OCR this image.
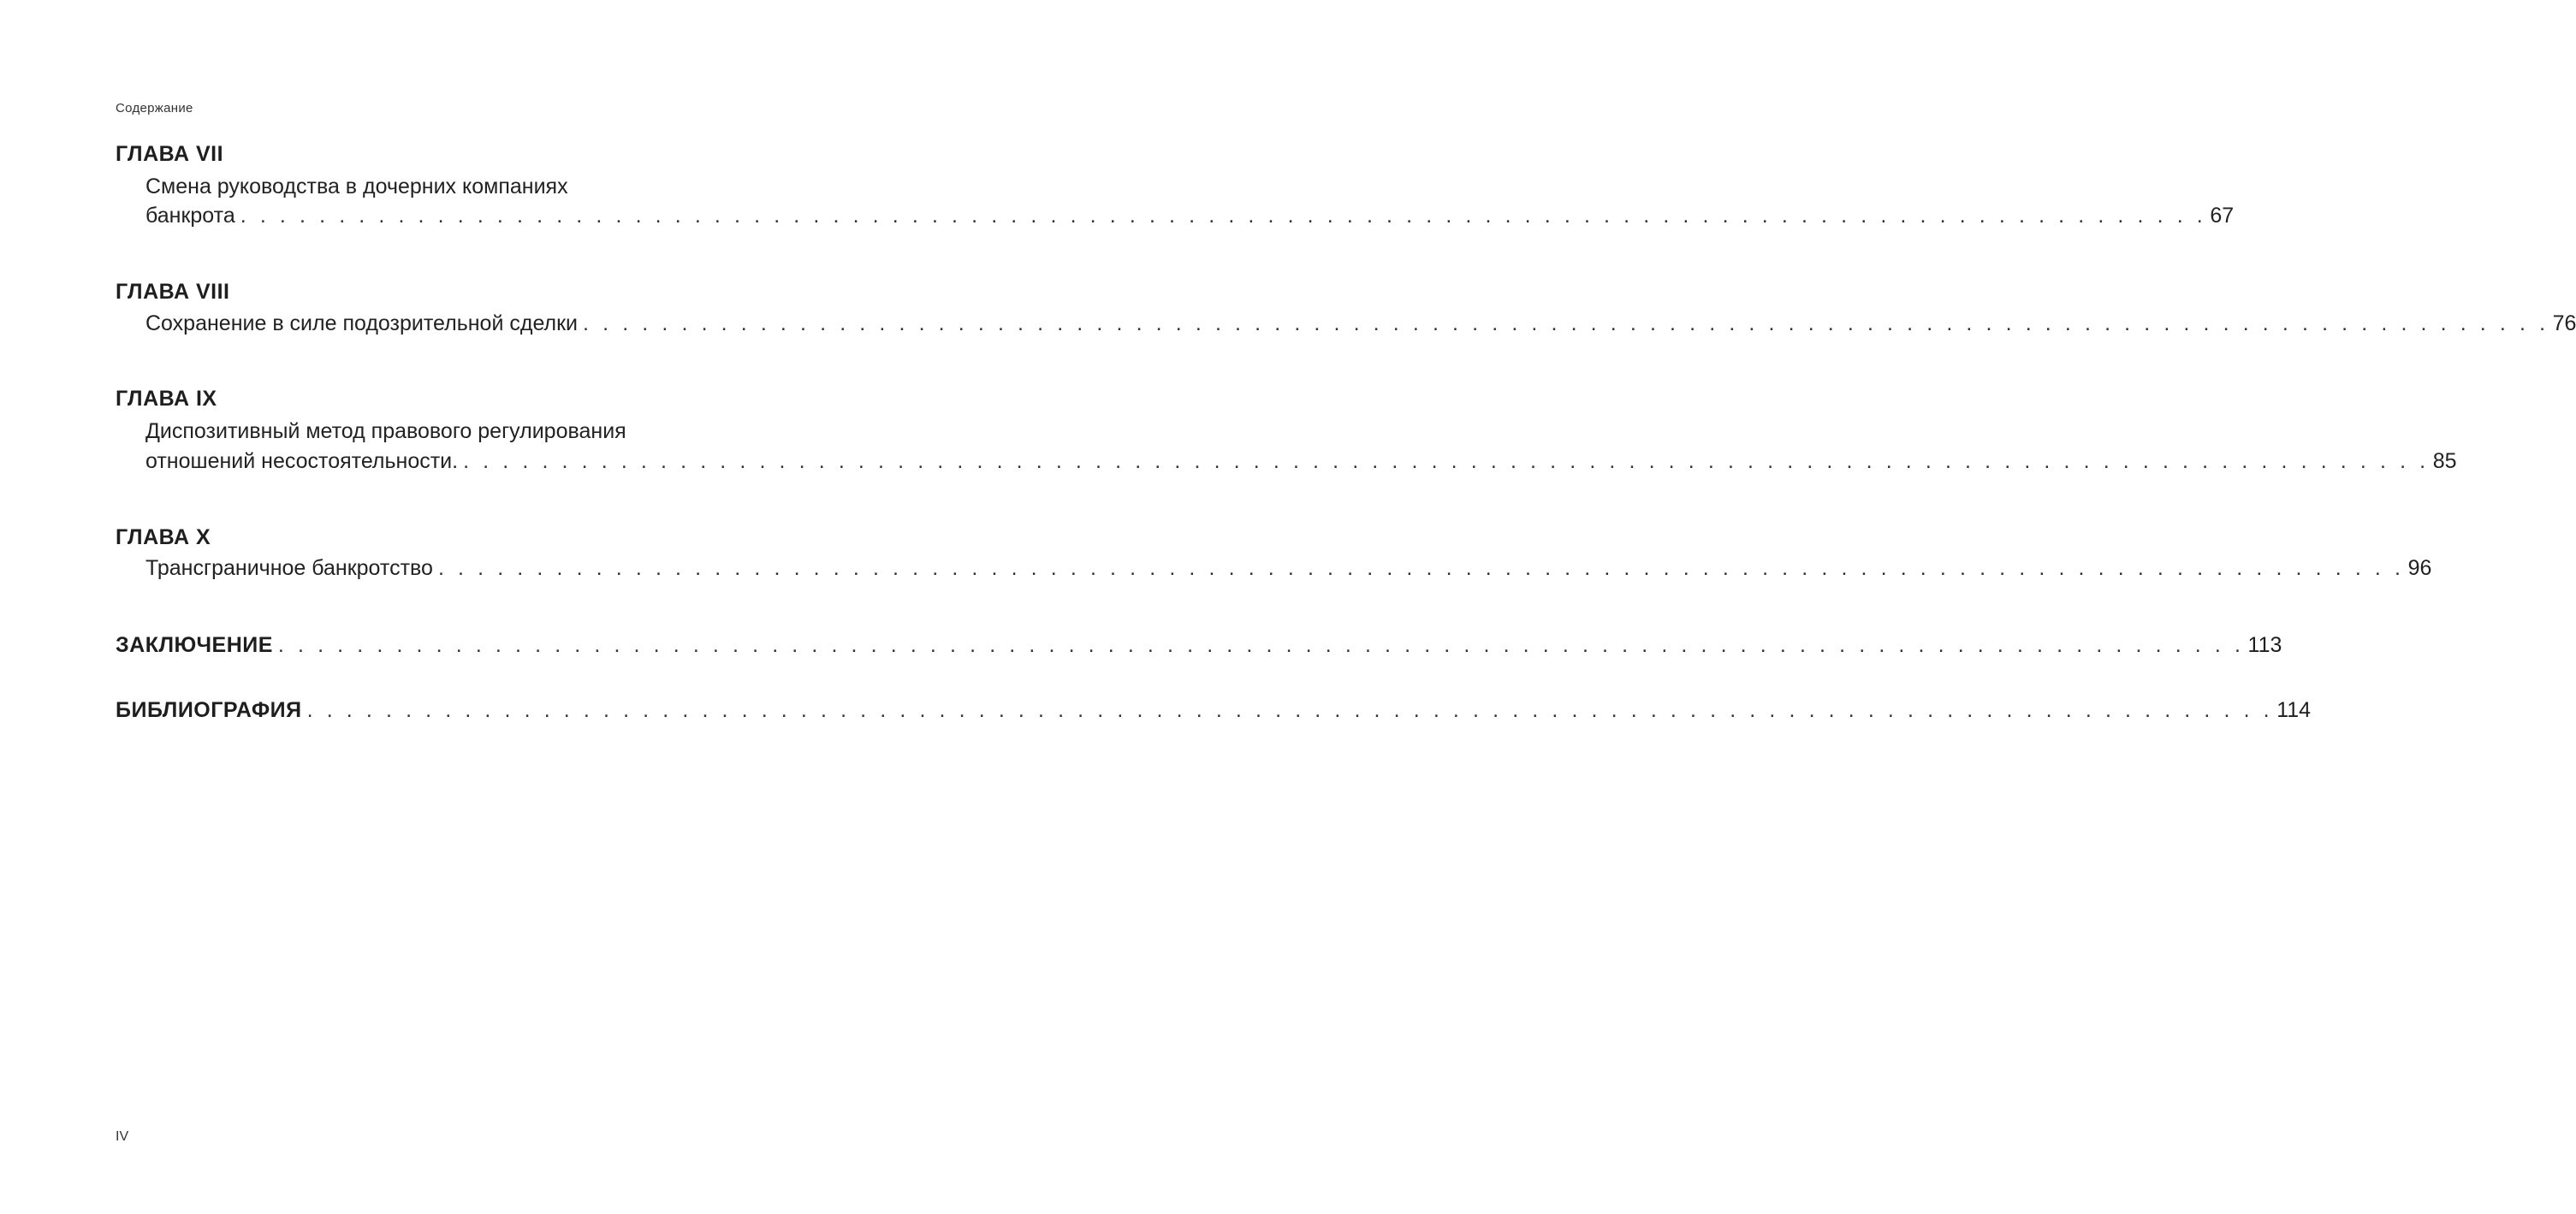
Содержание
ГЛАВА VII
Смена руководства в дочерних компаниях
банкрота . . . . . . . . . . . . . . . . . . . . . . . . . . . . . . . . . . . . . . . . . . . . . . . . . . . . . . . . . . . . . . . . . . . . . . . . . . . . . . . . . . . . . . . . . . . . . . . . . . . . 67
ГЛАВА VIII
Сохранение в силе подозрительной сделки . . . . . . . . . . . . . . . . . . . . . . . . . . . . . . . . . . . . . . . . . . . . . . . . . . . . . . . . . . . . . . . . . . . . . . . . . . . . . . . . . . . . . . . . . . . . . . . . . . . . 76
ГЛАВА IX
Диспозитивный метод правового регулирования
отношений несостоятельности. . . . . . . . . . . . . . . . . . . . . . . . . . . . . . . . . . . . . . . . . . . . . . . . . . . . . . . . . . . . . . . . . . . . . . . . . . . . . . . . . . . . . . . . . . . . . . . . . . . . . 85
ГЛАВА X
Трансграничное банкротство . . . . . . . . . . . . . . . . . . . . . . . . . . . . . . . . . . . . . . . . . . . . . . . . . . . . . . . . . . . . . . . . . . . . . . . . . . . . . . . . . . . . . . . . . . . . . . . . . . . . 96
ЗАКЛЮЧЕНИЕ . . . . . . . . . . . . . . . . . . . . . . . . . . . . . . . . . . . . . . . . . . . . . . . . . . . . . . . . . . . . . . . . . . . . . . . . . . . . . . . . . . . . . . . . . . . . . . . . . . . . 113
БИБЛИОГРАФИЯ . . . . . . . . . . . . . . . . . . . . . . . . . . . . . . . . . . . . . . . . . . . . . . . . . . . . . . . . . . . . . . . . . . . . . . . . . . . . . . . . . . . . . . . . . . . . . . . . . . . . 114
IV
